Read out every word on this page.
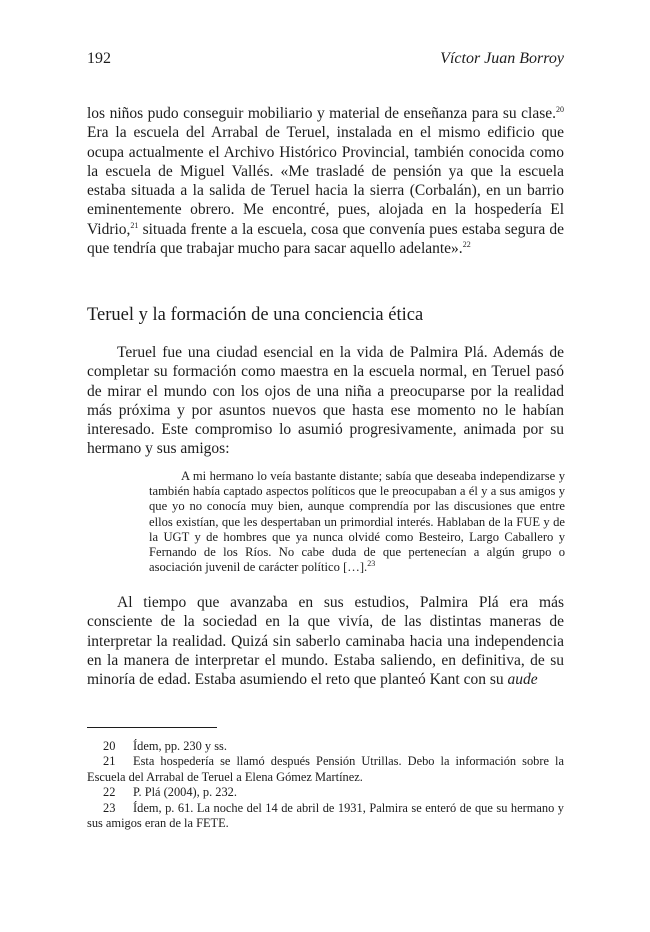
192	Víctor Juan Borroy

los niños pudo conseguir mobiliario y material de enseñanza para su clase.$^{20}$ Era la escuela del Arrabal de Teruel, instalada en el mismo edificio que ocupa actualmente el Archivo Histórico Provincial, también conocida como la escuela de Miguel Vallés. «Me trasladé de pensión ya que la escuela estaba situada a la salida de Teruel hacia la sierra (Corbalán), en un barrio eminentemente obrero. Me encontré, pues, alojada en la hospedería El Vidrio,$^{21}$ situada frente a la escuela, cosa que convenía pues estaba segura de que tendría que trabajar mucho para sacar aquello adelante».$^{22}$

Teruel y la formación de una conciencia ética

Teruel fue una ciudad esencial en la vida de Palmira Plá. Además de completar su formación como maestra en la escuela normal, en Teruel pasó de mirar el mundo con los ojos de una niña a preocuparse por la realidad más próxima y por asuntos nuevos que hasta ese momento no le habían interesado. Este compromiso lo asumió progresivamente, animada por su hermano y sus amigos:

A mi hermano lo veía bastante distante; sabía que deseaba independizarse y también había captado aspectos políticos que le preocupaban a él y a sus amigos y que yo no conocía muy bien, aunque comprendía por las discusiones que entre ellos existían, que les despertaban un primordial interés. Hablaban de la FUE y de la UGT y de hombres que ya nunca olvidé como Besteiro, Largo Caballero y Fernando de los Ríos. No cabe duda de que pertenecían a algún grupo o asociación juvenil de carácter político […].$^{23}$

Al tiempo que avanzaba en sus estudios, Palmira Plá era más consciente de la sociedad en la que vivía, de las distintas maneras de interpretar la realidad. Quizá sin saberlo caminaba hacia una independencia en la manera de interpretar el mundo. Estaba saliendo, en definitiva, de su minoría de edad. Estaba asumiendo el reto que planteó Kant con su aude

20 Ídem, pp. 230 y ss.

21 Esta hospedería se llamó después Pensión Utrillas. Debo la información sobre la Escuela del Arrabal de Teruel a Elena Gómez Martínez.

22 P. Plá (2004), p. 232.

23 Ídem, p. 61. La noche del 14 de abril de 1931, Palmira se enteró de que su hermano y sus amigos eran de la FETE.
